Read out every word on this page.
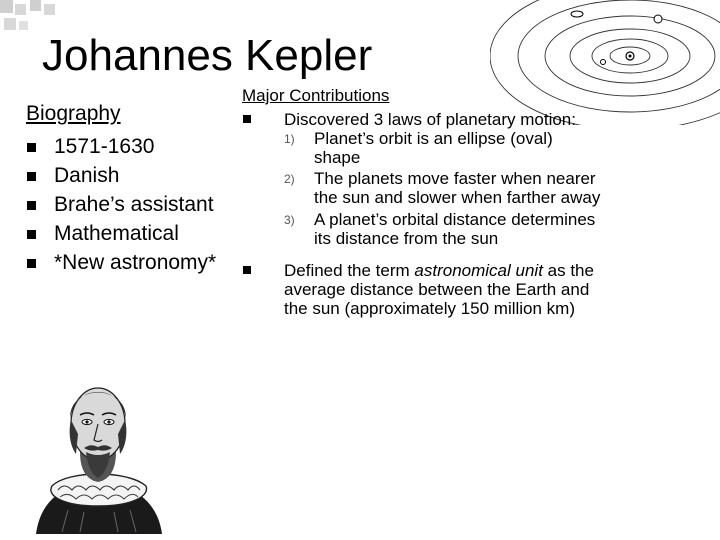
Johannes Kepler
Biography
1571-1630
Danish
Brahe’s assistant
Mathematical
*New astronomy*
Major Contributions
Discovered 3 laws of planetary motion:
1) Planet’s orbit is an ellipse (oval) shape
2) The planets move faster when nearer the sun and slower when farther away
3) A planet’s orbital distance determines its distance from the sun
Defined the term astronomical unit as the average distance between the Earth and the sun (approximately 150 million km)
